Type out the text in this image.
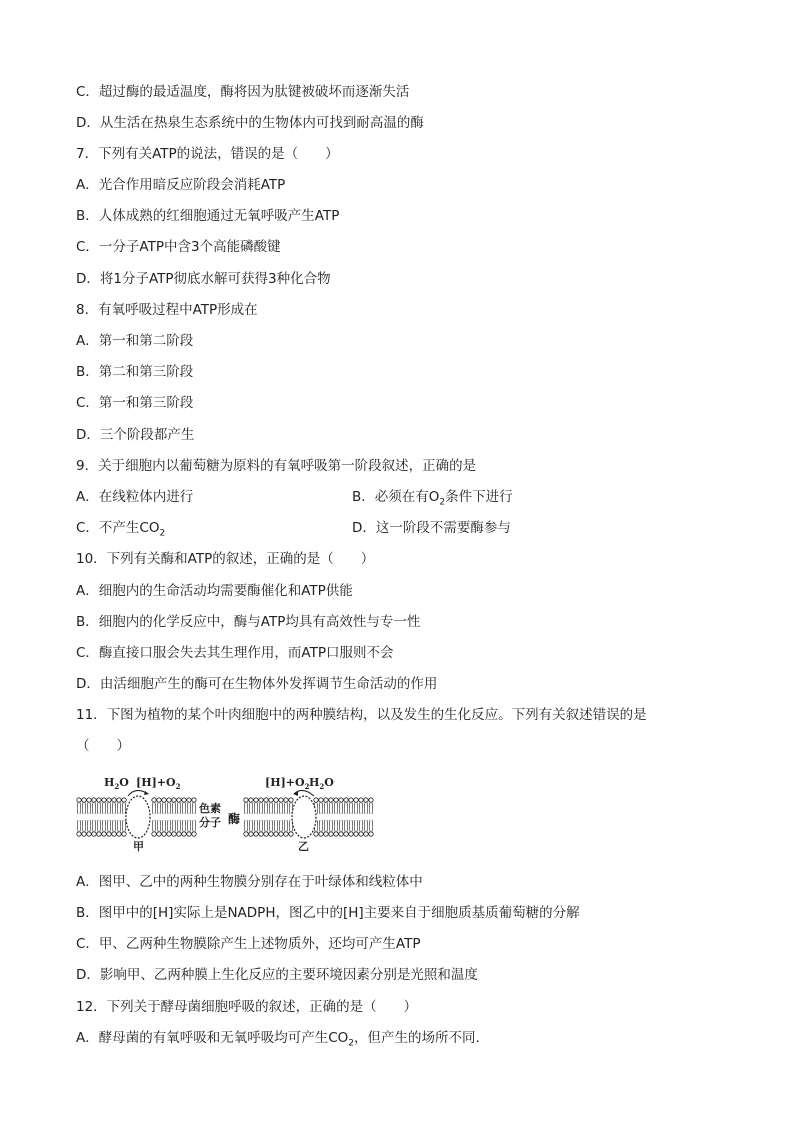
C．超过酶的最适温度，酶将因为肽键被破坏而逐渐失活
D．从生活在热泉生态系统中的生物体内可找到耐高温的酶
7．下列有关ATP的说法，错误的是（　　）
A．光合作用暗反应阶段会消耗ATP
B．人体成熟的红细胞通过无氧呼吸产生ATP
C．一分子ATP中含3个高能磷酸键
D．将1分子ATP彻底水解可获得3种化合物
8．有氧呼吸过程中ATP形成在
A．第一和第二阶段
B．第二和第三阶段
C．第一和第三阶段
D．三个阶段都产生
9．关于细胞内以葡萄糖为原料的有氧呼吸第一阶段叙述，正确的是
A．在线粒体内进行	B．必须在有$O_2$条件下进行
C．不产生$CO_2$	D．这一阶段不需要酶参与
10．下列有关酶和ATP的叙述，正确的是（　　）
A．细胞内的生命活动均需要酶催化和ATP供能
B．细胞内的化学反应中，酶与ATP均具有高效性与专一性
C．酶直接口服会失去其生理作用，而ATP口服则不会
D．由活细胞产生的酶可在生物体外发挥调节生命活动的作用
11．下图为植物的某个叶肉细胞中的两种膜结构，以及发生的生化反应。下列有关叙述错误的是
（　　）
$H_2O$ $[H]+O_2$
色素
分子 酶
$[H]+O_2$ $H_2O$
甲	乙
A．图甲、乙中的两种生物膜分别存在于叶绿体和线粒体中
B．图甲中的[H]实际上是NADPH，图乙中的[H]主要来自于细胞质基质葡萄糖的分解
C．甲、乙两种生物膜除产生上述物质外，还均可产生ATP
D．影响甲、乙两种膜上生化反应的主要环境因素分别是光照和温度
12．下列关于酵母菌细胞呼吸的叙述，正确的是（　　）
A．酵母菌的有氧呼吸和无氧呼吸均可产生$CO_2$，但产生的场所不同.
